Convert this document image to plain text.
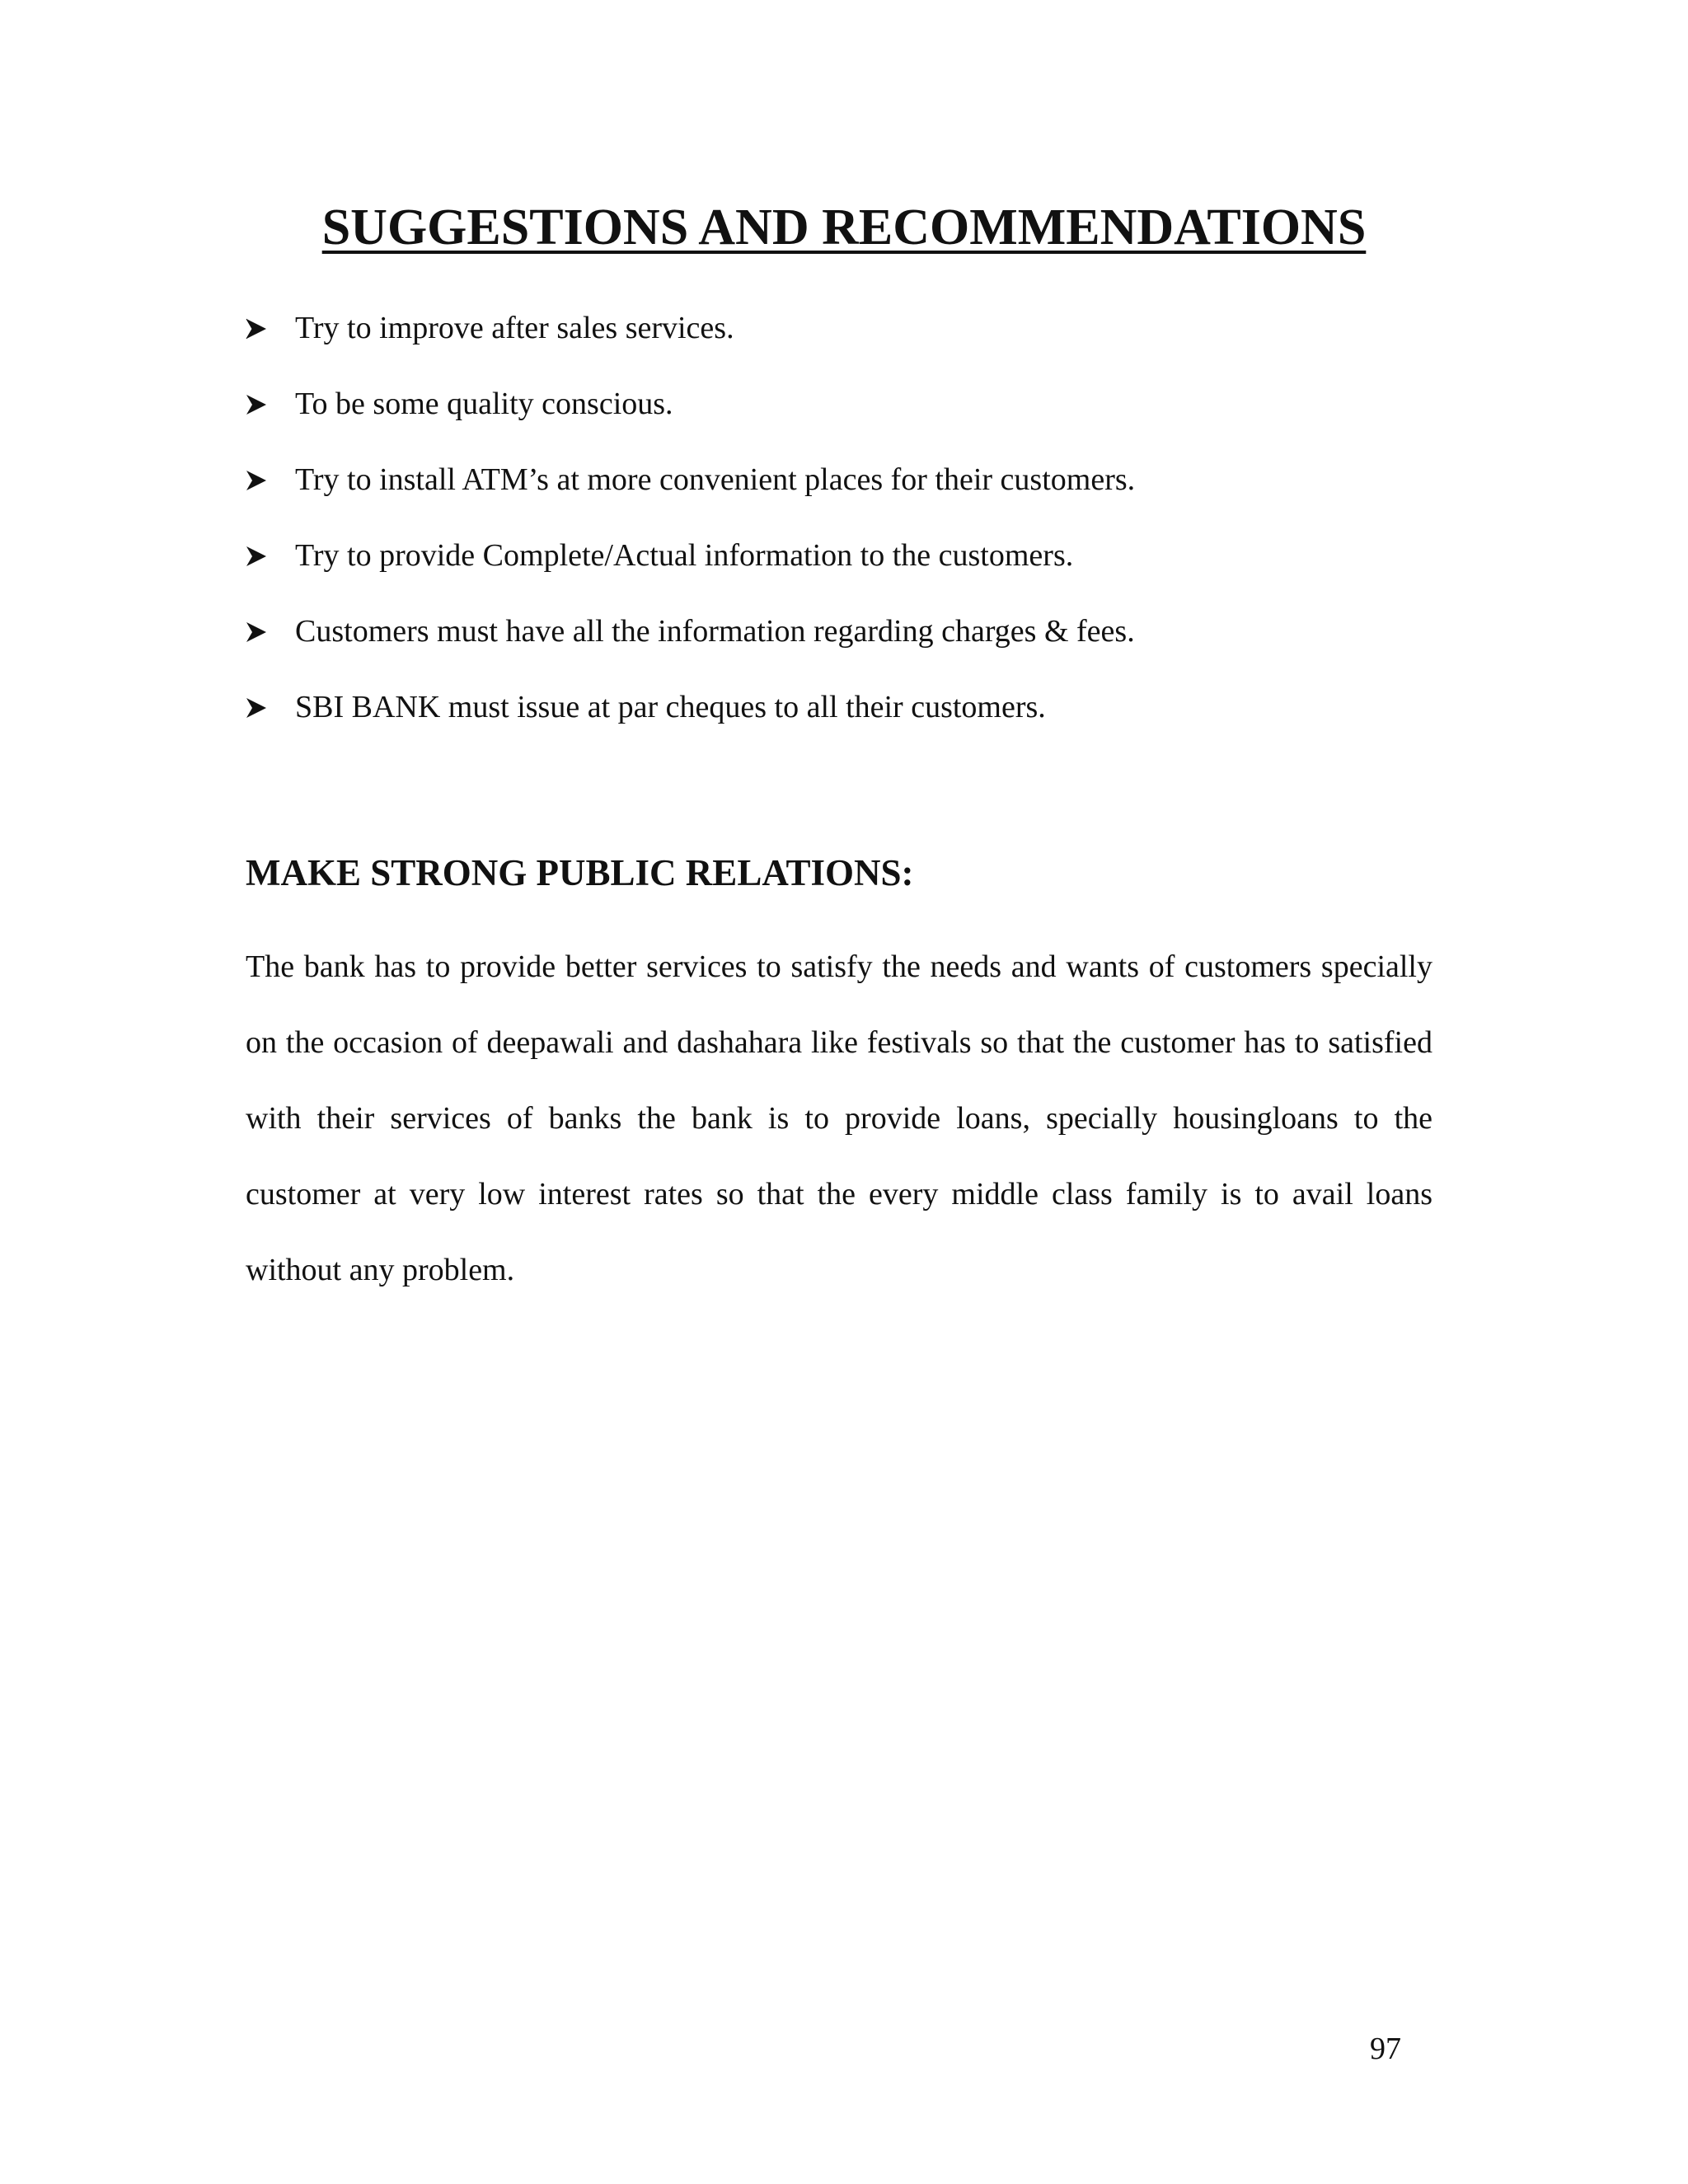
SUGGESTIONS AND RECOMMENDATIONS
Try to improve after sales services.
To be some quality conscious.
Try to install ATM’s at more convenient places for their customers.
Try to provide Complete/Actual information to the customers.
Customers must have all the information regarding charges & fees.
SBI BANK must issue at par cheques to all their customers.
MAKE STRONG PUBLIC RELATIONS:

The bank has to provide better services to satisfy the needs and wants of customers specially on the occasion of deepawali and dashahara like festivals so that the customer has to satisfied with their services of banks the bank is to provide loans, specially housingloans to the customer at very low interest rates so that the every middle class family is to avail loans without any problem.

97
